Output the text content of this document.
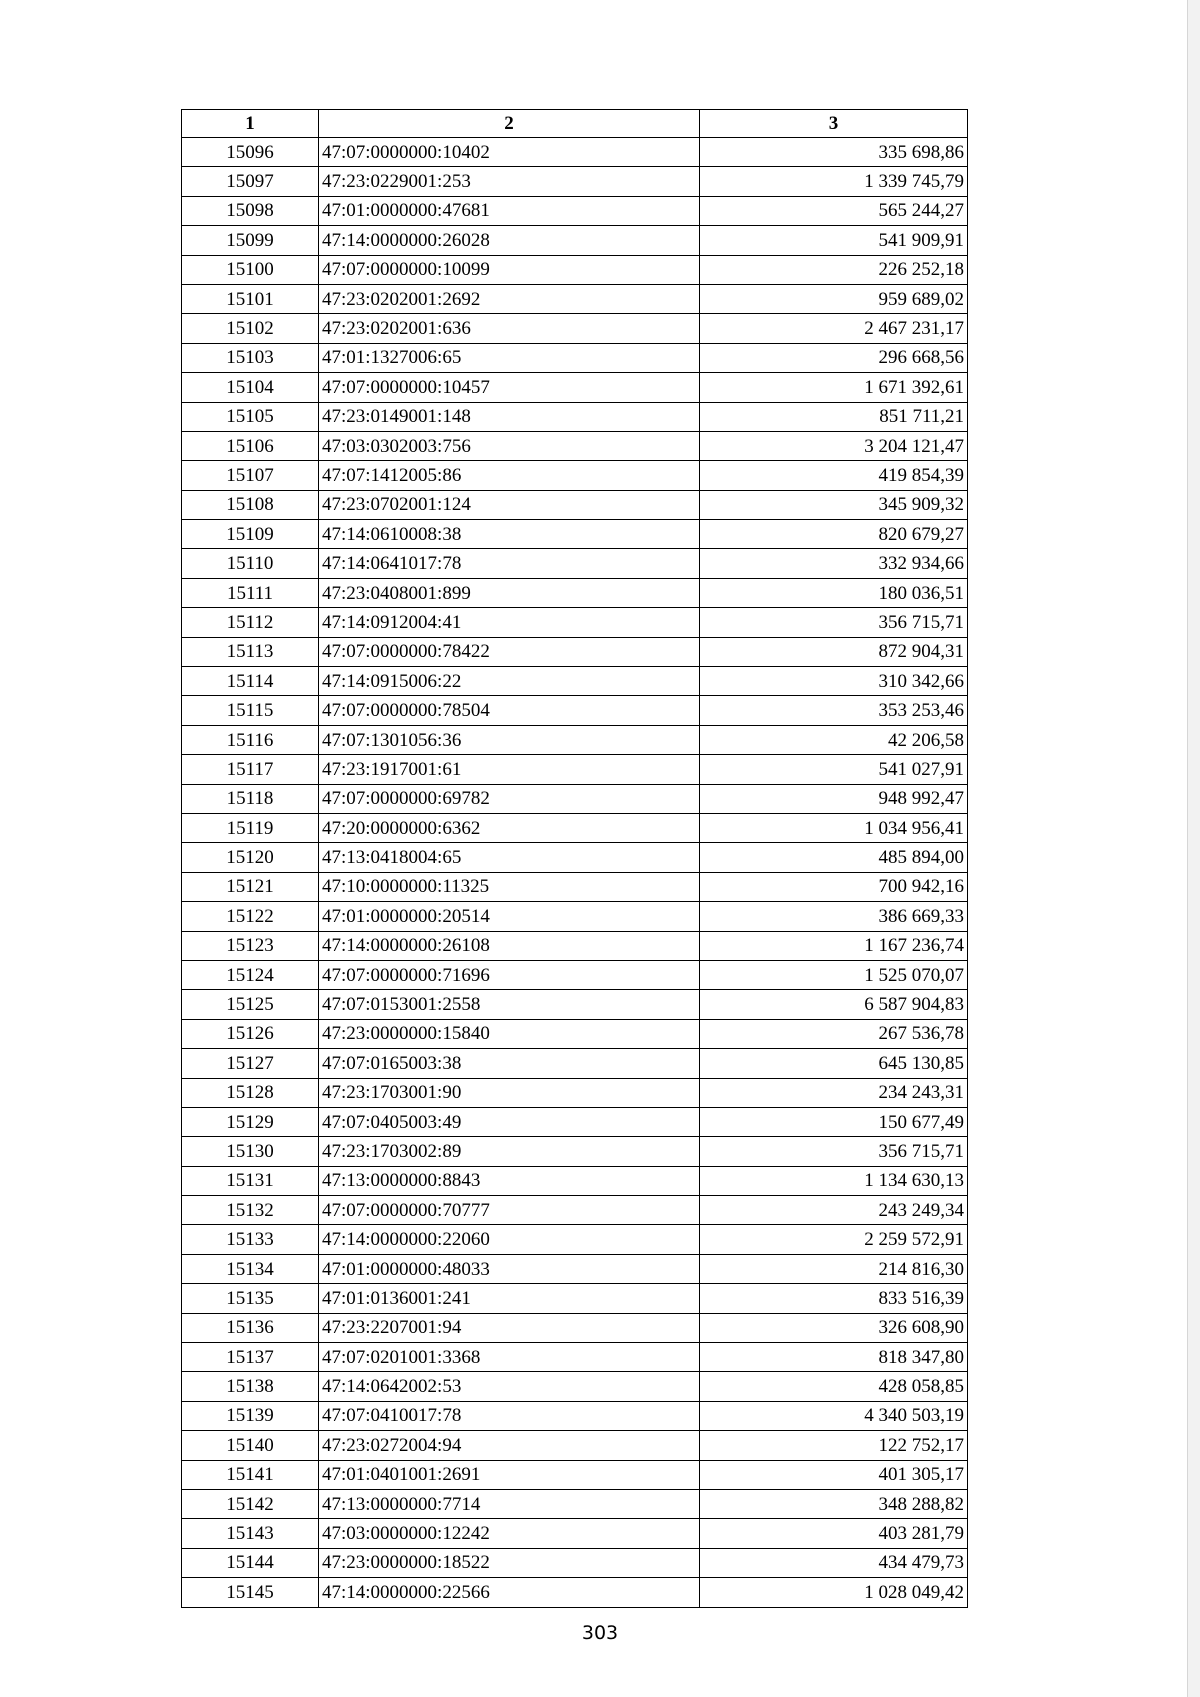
1	2	3
15096	47:07:0000000:10402	335 698,86
15097	47:23:0229001:253	1 339 745,79
15098	47:01:0000000:47681	565 244,27
15099	47:14:0000000:26028	541 909,91
15100	47:07:0000000:10099	226 252,18
15101	47:23:0202001:2692	959 689,02
15102	47:23:0202001:636	2 467 231,17
15103	47:01:1327006:65	296 668,56
15104	47:07:0000000:10457	1 671 392,61
15105	47:23:0149001:148	851 711,21
15106	47:03:0302003:756	3 204 121,47
15107	47:07:1412005:86	419 854,39
15108	47:23:0702001:124	345 909,32
15109	47:14:0610008:38	820 679,27
15110	47:14:0641017:78	332 934,66
15111	47:23:0408001:899	180 036,51
15112	47:14:0912004:41	356 715,71
15113	47:07:0000000:78422	872 904,31
15114	47:14:0915006:22	310 342,66
15115	47:07:0000000:78504	353 253,46
15116	47:07:1301056:36	42 206,58
15117	47:23:1917001:61	541 027,91
15118	47:07:0000000:69782	948 992,47
15119	47:20:0000000:6362	1 034 956,41
15120	47:13:0418004:65	485 894,00
15121	47:10:0000000:11325	700 942,16
15122	47:01:0000000:20514	386 669,33
15123	47:14:0000000:26108	1 167 236,74
15124	47:07:0000000:71696	1 525 070,07
15125	47:07:0153001:2558	6 587 904,83
15126	47:23:0000000:15840	267 536,78
15127	47:07:0165003:38	645 130,85
15128	47:23:1703001:90	234 243,31
15129	47:07:0405003:49	150 677,49
15130	47:23:1703002:89	356 715,71
15131	47:13:0000000:8843	1 134 630,13
15132	47:07:0000000:70777	243 249,34
15133	47:14:0000000:22060	2 259 572,91
15134	47:01:0000000:48033	214 816,30
15135	47:01:0136001:241	833 516,39
15136	47:23:2207001:94	326 608,90
15137	47:07:0201001:3368	818 347,80
15138	47:14:0642002:53	428 058,85
15139	47:07:0410017:78	4 340 503,19
15140	47:23:0272004:94	122 752,17
15141	47:01:0401001:2691	401 305,17
15142	47:13:0000000:7714	348 288,82
15143	47:03:0000000:12242	403 281,79
15144	47:23:0000000:18522	434 479,73
15145	47:14:0000000:22566	1 028 049,42
303
